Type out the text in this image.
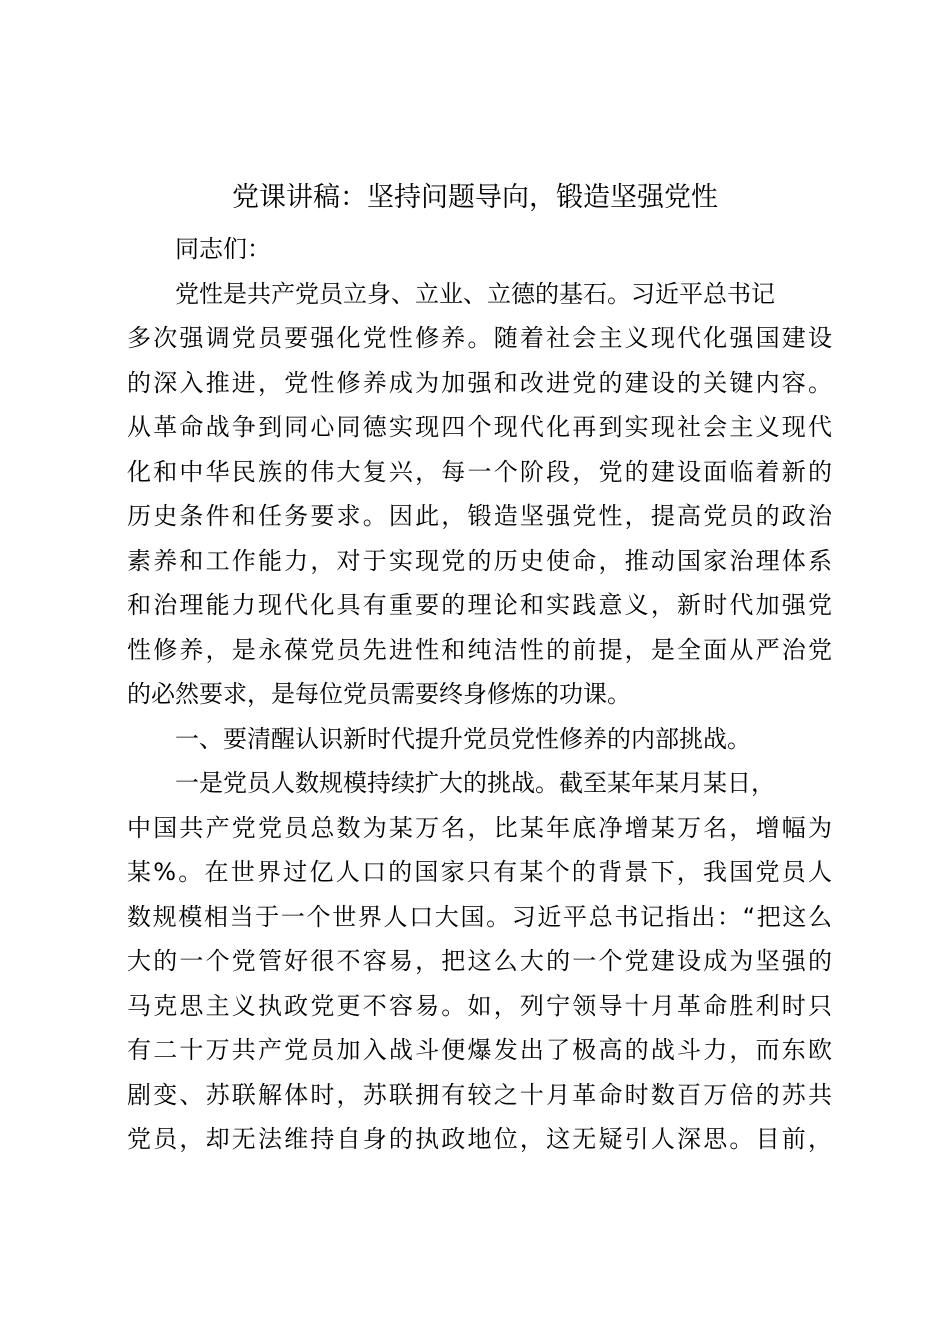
党课讲稿：坚持问题导向，锻造坚强党性
同志们：
党性是共产党员立身、立业、立德的基石。习近平总书记
多次强调党员要强化党性修养。随着社会主义现代化强国建设
的深入推进，党性修养成为加强和改进党的建设的关键内容。
从革命战争到同心同德实现四个现代化再到实现社会主义现代
化和中华民族的伟大复兴，每一个阶段，党的建设面临着新的
历史条件和任务要求。因此，锻造坚强党性，提高党员的政治
素养和工作能力，对于实现党的历史使命，推动国家治理体系
和治理能力现代化具有重要的理论和实践意义，新时代加强党
性修养，是永葆党员先进性和纯洁性的前提，是全面从严治党
的必然要求，是每位党员需要终身修炼的功课。
一、要清醒认识新时代提升党员党性修养的内部挑战。
一是党员人数规模持续扩大的挑战。截至某年某月某日，
中国共产党党员总数为某万名，比某年底净增某万名，增幅为
某%。在世界过亿人口的国家只有某个的背景下，我国党员人
数规模相当于一个世界人口大国。习近平总书记指出：“把这么
大的一个党管好很不容易，把这么大的一个党建设成为坚强的
马克思主义执政党更不容易。如，列宁领导十月革命胜利时只
有二十万共产党员加入战斗便爆发出了极高的战斗力，而东欧
剧变、苏联解体时，苏联拥有较之十月革命时数百万倍的苏共
党员，却无法维持自身的执政地位，这无疑引人深思。目前，
